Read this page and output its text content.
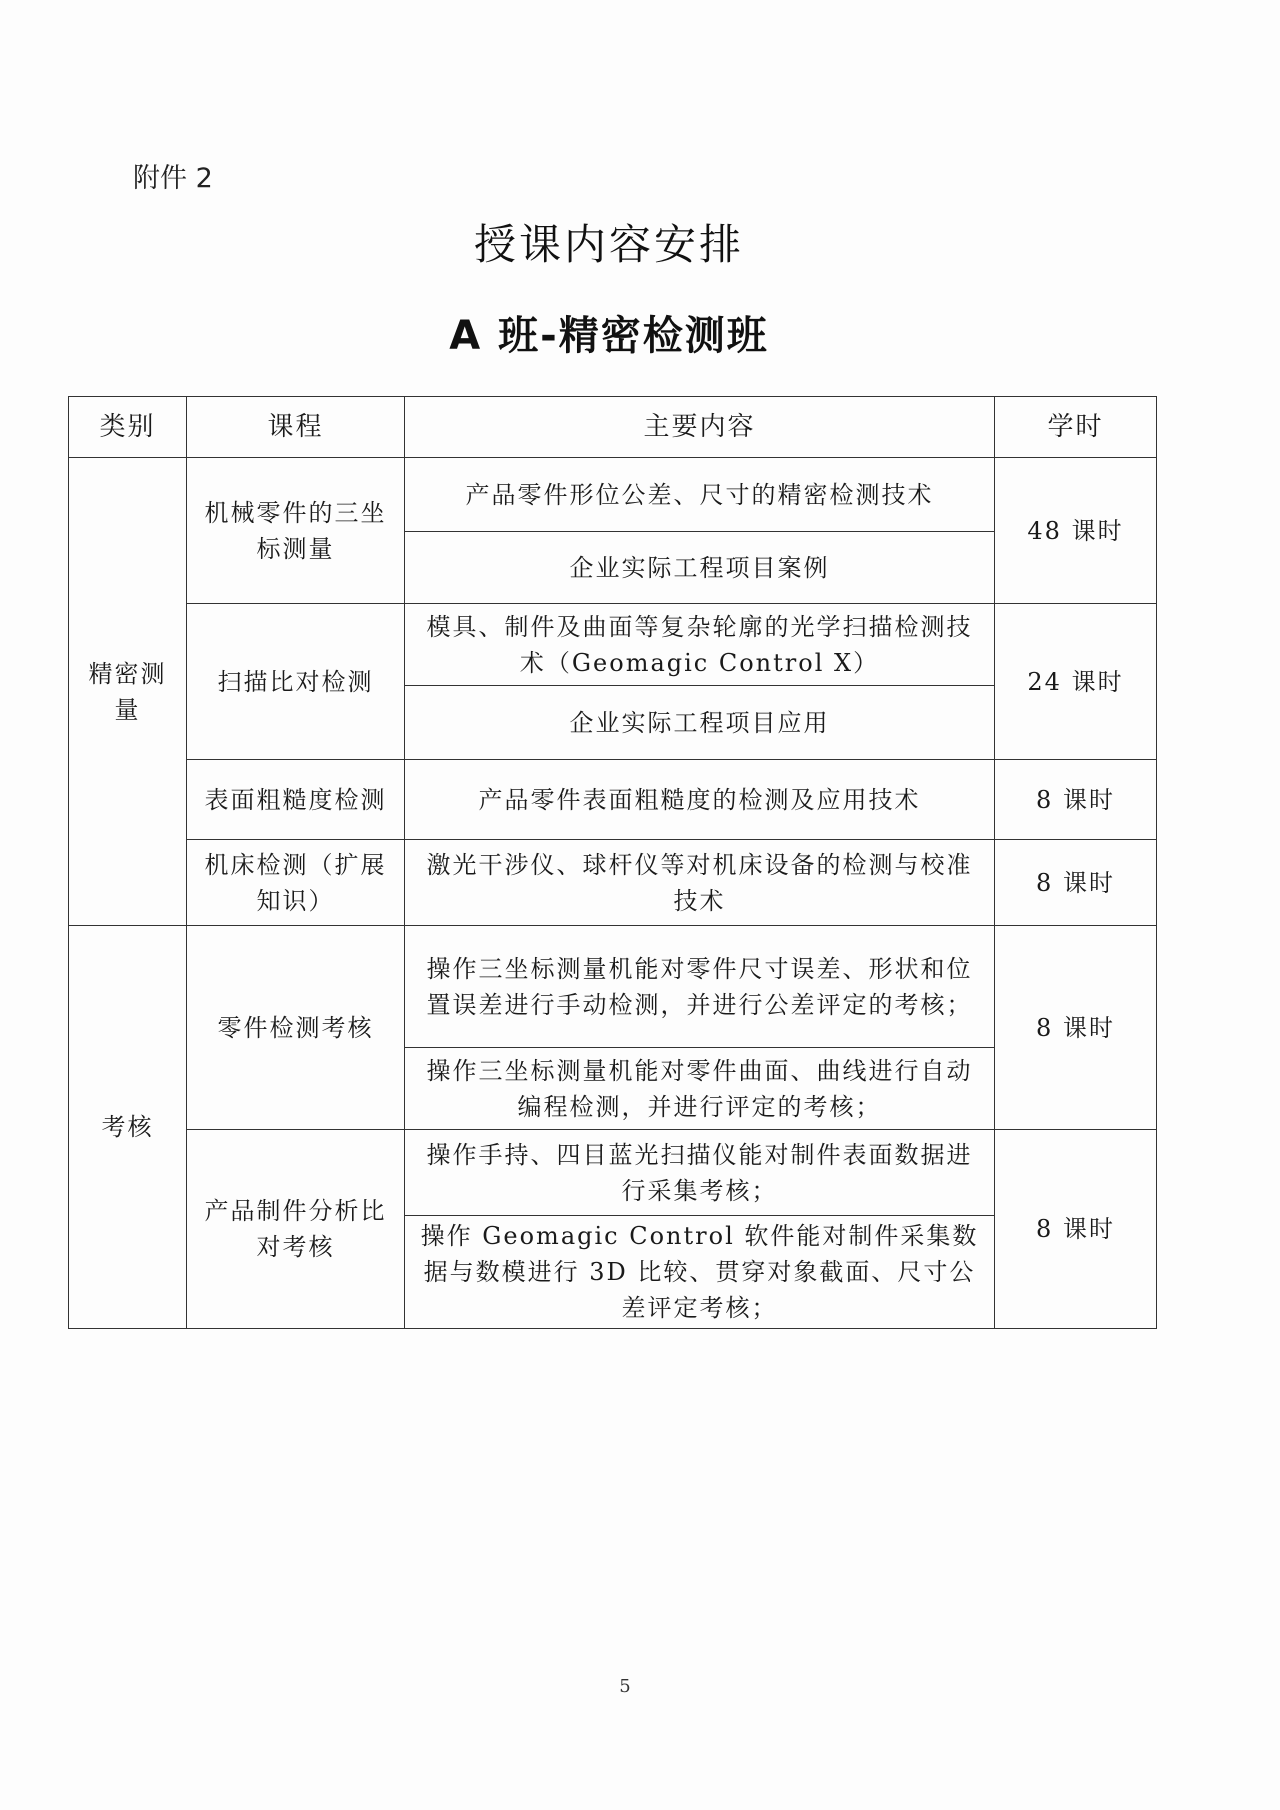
附件 2
授课内容安排
A 班-精密检测班
类别	课程	主要内容	学时
精密测量	机械零件的三坐标测量	产品零件形位公差、尺寸的精密检测技术	48 课时
		企业实际工程项目案例	
	扫描比对检测	模具、制件及曲面等复杂轮廓的光学扫描检测技术（Geomagic Control X）	24 课时
		企业实际工程项目应用	
	表面粗糙度检测	产品零件表面粗糙度的检测及应用技术	8 课时
	机床检测（扩展知识）	激光干涉仪、球杆仪等对机床设备的检测与校准技术	8 课时
考核	零件检测考核	操作三坐标测量机能对零件尺寸误差、形状和位置误差进行手动检测，并进行公差评定的考核；	8 课时
		操作三坐标测量机能对零件曲面、曲线进行自动编程检测，并进行评定的考核；	
	产品制件分析比对考核	操作手持、四目蓝光扫描仪能对制件表面数据进行采集考核；	8 课时
		操作 Geomagic Control 软件能对制件采集数据与数模进行 3D 比较、贯穿对象截面、尺寸公差评定考核；	
5
